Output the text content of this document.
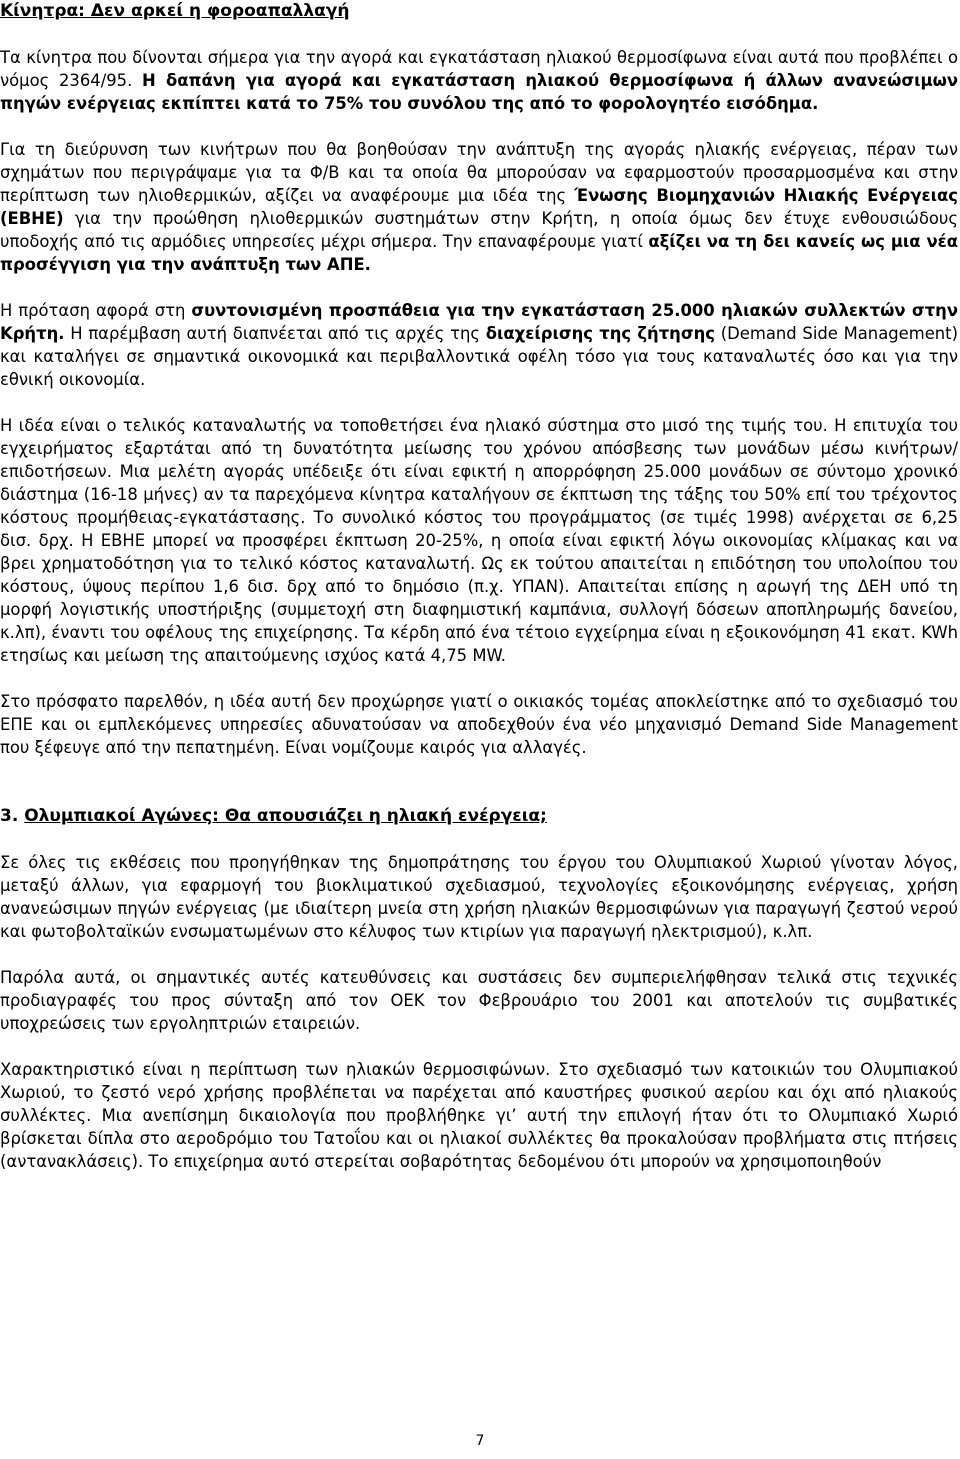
Κίνητρα: Δεν αρκεί η φοροαπαλλαγή

Τα κίνητρα που δίνονται σήμερα για την αγορά και εγκατάσταση ηλιακού θερμοσίφωνα είναι αυτά που προβλέπει ο νόμος 2364/95. Η δαπάνη για αγορά και εγκατάσταση ηλιακού θερμοσίφωνα ή άλλων ανανεώσιμων πηγών ενέργειας εκπίπτει κατά το 75% του συνόλου της από το φορολογητέο εισόδημα.

Για τη διεύρυνση των κινήτρων που θα βοηθούσαν την ανάπτυξη της αγοράς ηλιακής ενέργειας, πέραν των σχημάτων που περιγράψαμε για τα Φ/Β και τα οποία θα μπορούσαν να εφαρμοστούν προσαρμοσμένα και στην περίπτωση των ηλιοθερμικών, αξίζει να αναφέρουμε μια ιδέα της Ένωσης Βιομηχανιών Ηλιακής Ενέργειας (ΕΒΗΕ) για την προώθηση ηλιοθερμικών συστημάτων στην Κρήτη, η οποία όμως δεν έτυχε ενθουσιώδους υποδοχής από τις αρμόδιες υπηρεσίες μέχρι σήμερα. Την επαναφέρουμε γιατί αξίζει να τη δει κανείς ως μια νέα προσέγγιση για την ανάπτυξη των ΑΠΕ.

Η πρόταση αφορά στη συντονισμένη προσπάθεια για την εγκατάσταση 25.000 ηλιακών συλλεκτών στην Κρήτη. Η παρέμβαση αυτή διαπνέεται από τις αρχές της διαχείρισης της ζήτησης (Demand Side Management) και καταλήγει σε σημαντικά οικονομικά και περιβαλλοντικά οφέλη τόσο για τους καταναλωτές όσο και για την εθνική οικονομία.

Η ιδέα είναι ο τελικός καταναλωτής να τοποθετήσει ένα ηλιακό σύστημα στο μισό της τιμής του. Η επιτυχία του εγχειρήματος εξαρτάται από τη δυνατότητα μείωσης του χρόνου απόσβεσης των μονάδων μέσω κινήτρων/επιδοτήσεων. Μια μελέτη αγοράς υπέδειξε ότι είναι εφικτή η απορρόφηση 25.000 μονάδων σε σύντομο χρονικό διάστημα (16-18 μήνες) αν τα παρεχόμενα κίνητρα καταλήγουν σε έκπτωση της τάξης του 50% επί του τρέχοντος κόστους προμήθειας-εγκατάστασης. Το συνολικό κόστος του προγράμματος (σε τιμές 1998) ανέρχεται σε 6,25 δισ. δρχ. Η ΕΒΗΕ μπορεί να προσφέρει έκπτωση 20-25%, η οποία είναι εφικτή λόγω οικονομίας κλίμακας και να βρει χρηματοδότηση για το τελικό κόστος καταναλωτή. Ως εκ τούτου απαιτείται η επιδότηση του υπολοίπου του κόστους, ύψους περίπου 1,6 δισ. δρχ από το δημόσιο (π.χ. ΥΠΑΝ). Απαιτείται επίσης η αρωγή της ΔΕΗ υπό τη μορφή λογιστικής υποστήριξης (συμμετοχή στη διαφημιστική καμπάνια, συλλογή δόσεων αποπληρωμής δανείου, κ.λπ), έναντι του οφέλους της επιχείρησης. Τα κέρδη από ένα τέτοιο εγχείρημα είναι η εξοικονόμηση 41 εκατ. KWh ετησίως και μείωση της απαιτούμενης ισχύος κατά 4,75 MW.

Στο πρόσφατο παρελθόν, η ιδέα αυτή δεν προχώρησε γιατί ο οικιακός τομέας αποκλείστηκε από το σχεδιασμό του ΕΠΕ και οι εμπλεκόμενες υπηρεσίες αδυνατούσαν να αποδεχθούν ένα νέο μηχανισμό Demand Side Management που ξέφευγε από την πεπατημένη. Είναι νομίζουμε καιρός για αλλαγές.

3. Ολυμπιακοί Αγώνες: Θα απουσιάζει η ηλιακή ενέργεια;

Σε όλες τις εκθέσεις που προηγήθηκαν της δημοπράτησης του έργου του Ολυμπιακού Χωριού γίνοταν λόγος, μεταξύ άλλων, για εφαρμογή του βιοκλιματικού σχεδιασμού, τεχνολογίες εξοικονόμησης ενέργειας, χρήση ανανεώσιμων πηγών ενέργειας (με ιδιαίτερη μνεία στη χρήση ηλιακών θερμοσιφώνων για παραγωγή ζεστού νερού και φωτοβολταϊκών ενσωματωμένων στο κέλυφος των κτιρίων για παραγωγή ηλεκτρισμού), κ.λπ.

Παρόλα αυτά, οι σημαντικές αυτές κατευθύνσεις και συστάσεις δεν συμπεριελήφθησαν τελικά στις τεχνικές προδιαγραφές του προς σύνταξη από τον ΟΕΚ τον Φεβρουάριο του 2001 και αποτελούν τις συμβατικές υποχρεώσεις των εργοληπτριών εταιρειών.

Χαρακτηριστικό είναι η περίπτωση των ηλιακών θερμοσιφώνων. Στο σχεδιασμό των κατοικιών του Ολυμπιακού Χωριού, το ζεστό νερό χρήσης προβλέπεται να παρέχεται από καυστήρες φυσικού αερίου και όχι από ηλιακούς συλλέκτες. Μια ανεπίσημη δικαιολογία που προβλήθηκε γι’ αυτή την επιλογή ήταν ότι το Ολυμπιακό Χωριό βρίσκεται δίπλα στο αεροδρόμιο του Τατοΐου και οι ηλιακοί συλλέκτες θα προκαλούσαν προβλήματα στις πτήσεις (αντανακλάσεις). Το επιχείρημα αυτό στερείται σοβαρότητας δεδομένου ότι μπορούν να χρησιμοποιηθούν

7
